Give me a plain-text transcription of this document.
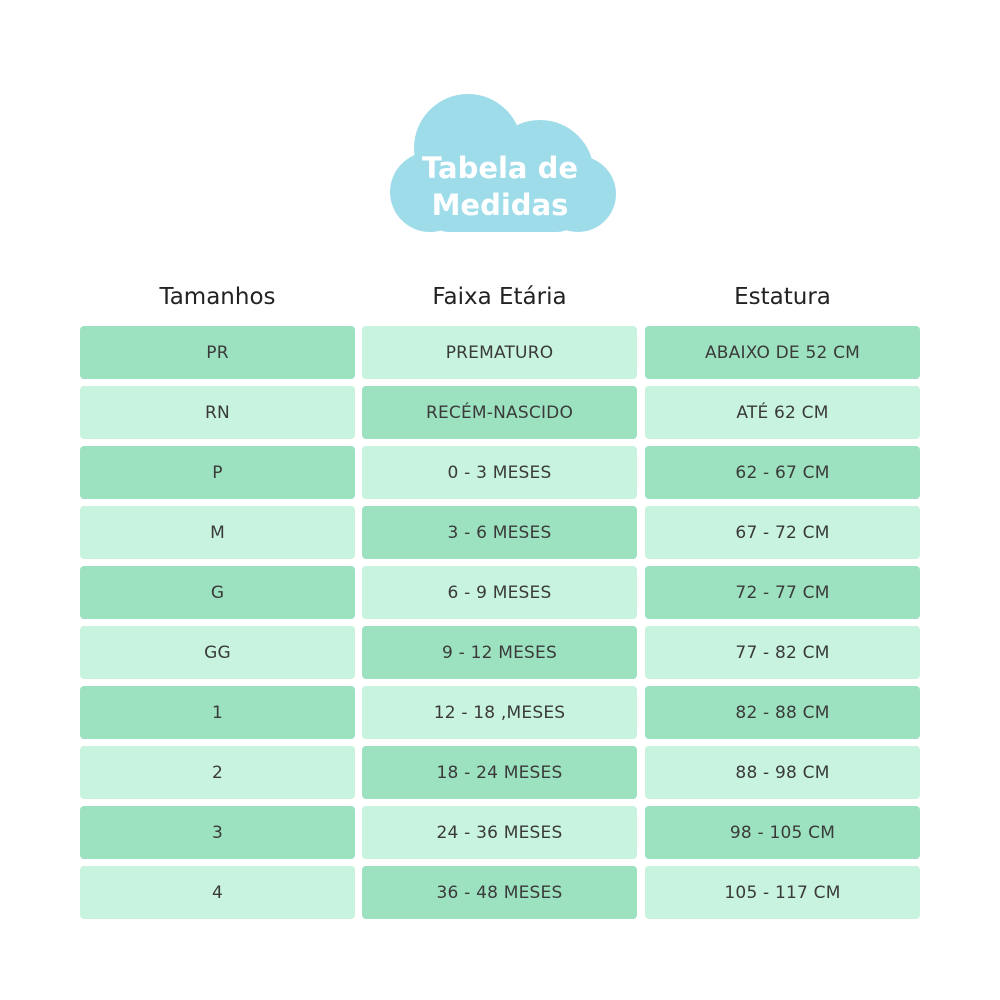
Tabela de
Medidas
Tamanhos	Faixa Etária	Estatura
PR	PREMATURO	ABAIXO DE 52 CM
RN	RECÉM-NASCIDO	ATÉ 62 CM
P	0 - 3 MESES	62 - 67 CM
M	3 - 6 MESES	67 - 72 CM
G	6 - 9 MESES	72 - 77 CM
GG	9 - 12 MESES	77 - 82 CM
1	12 - 18 ,MESES	82 - 88 CM
2	18 - 24 MESES	88 - 98 CM
3	24 - 36 MESES	98 - 105 CM
4	36 - 48 MESES	105 - 117 CM
